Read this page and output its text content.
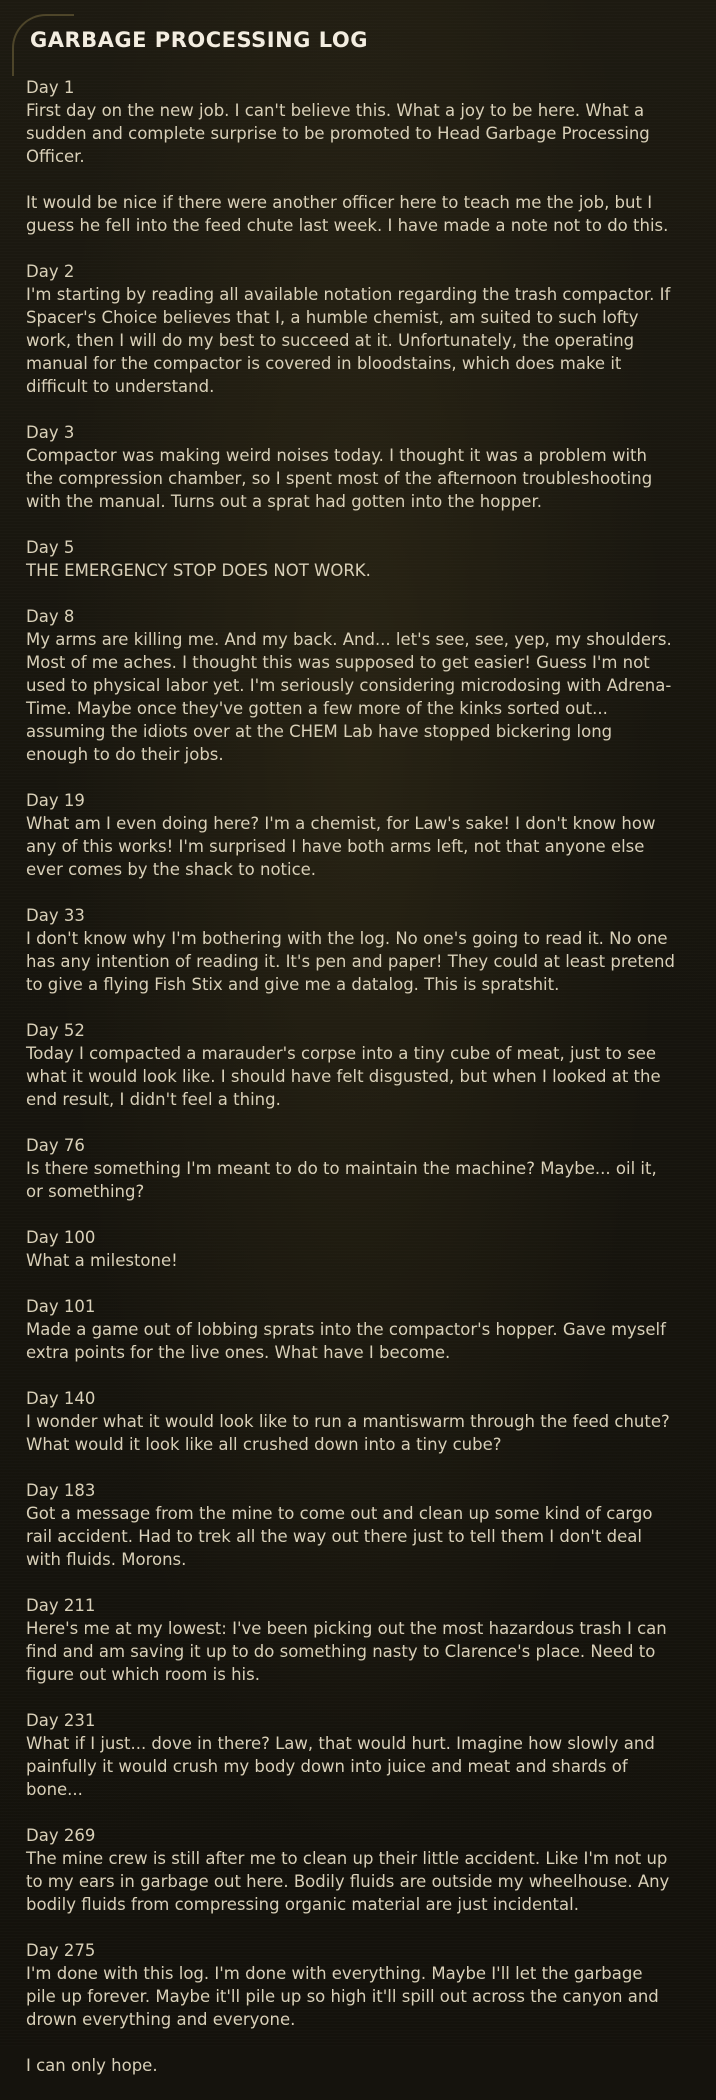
GARBAGE PROCESSING LOG
Day 1
First day on the new job. I can't believe this. What a joy to be here. What a sudden and complete surprise to be promoted to Head Garbage Processing Officer.
It would be nice if there were another officer here to teach me the job, but I guess he fell into the feed chute last week. I have made a note not to do this.
Day 2
I'm starting by reading all available notation regarding the trash compactor. If Spacer's Choice believes that I, a humble chemist, am suited to such lofty work, then I will do my best to succeed at it. Unfortunately, the operating manual for the compactor is covered in bloodstains, which does make it difficult to understand.
Day 3
Compactor was making weird noises today. I thought it was a problem with the compression chamber, so I spent most of the afternoon troubleshooting with the manual. Turns out a sprat had gotten into the hopper.
Day 5
THE EMERGENCY STOP DOES NOT WORK.
Day 8
My arms are killing me. And my back. And... let's see, see, yep, my shoulders. Most of me aches. I thought this was supposed to get easier! Guess I'm not used to physical labor yet. I'm seriously considering microdosing with Adrena-Time. Maybe once they've gotten a few more of the kinks sorted out... assuming the idiots over at the CHEM Lab have stopped bickering long enough to do their jobs.
Day 19
What am I even doing here? I'm a chemist, for Law's sake! I don't know how any of this works! I'm surprised I have both arms left, not that anyone else ever comes by the shack to notice.
Day 33
I don't know why I'm bothering with the log. No one's going to read it. No one has any intention of reading it. It's pen and paper! They could at least pretend to give a flying Fish Stix and give me a datalog. This is spratshit.
Day 52
Today I compacted a marauder's corpse into a tiny cube of meat, just to see what it would look like. I should have felt disgusted, but when I looked at the end result, I didn't feel a thing.
Day 76
Is there something I'm meant to do to maintain the machine? Maybe... oil it, or something?
Day 100
What a milestone!
Day 101
Made a game out of lobbing sprats into the compactor's hopper. Gave myself extra points for the live ones. What have I become.
Day 140
I wonder what it would look like to run a mantiswarm through the feed chute? What would it look like all crushed down into a tiny cube?
Day 183
Got a message from the mine to come out and clean up some kind of cargo rail accident. Had to trek all the way out there just to tell them I don't deal with fluids. Morons.
Day 211
Here's me at my lowest: I've been picking out the most hazardous trash I can find and am saving it up to do something nasty to Clarence's place. Need to figure out which room is his.
Day 231
What if I just... dove in there? Law, that would hurt. Imagine how slowly and painfully it would crush my body down into juice and meat and shards of bone...
Day 269
The mine crew is still after me to clean up their little accident. Like I'm not up to my ears in garbage out here. Bodily fluids are outside my wheelhouse. Any bodily fluids from compressing organic material are just incidental.
Day 275
I'm done with this log. I'm done with everything. Maybe I'll let the garbage pile up forever. Maybe it'll pile up so high it'll spill out across the canyon and drown everything and everyone.
I can only hope.
